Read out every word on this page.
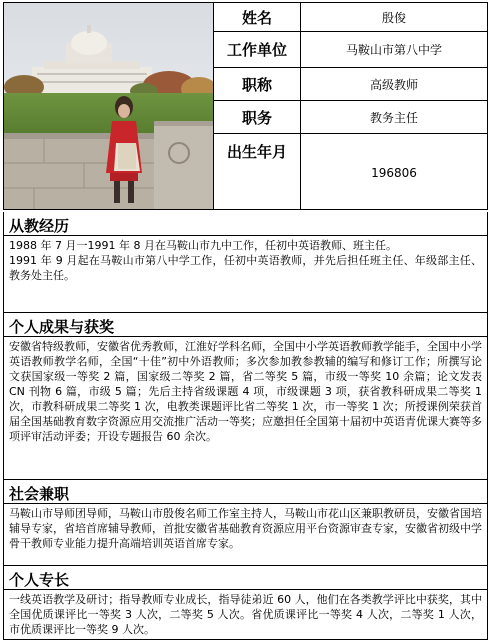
	姓名	殷俊
	工作单位	马鞍山市第八中学
	职称	高级教师
	职务	教务主任
	出生年月	196806
从教经历

1988 年 7 月一1991 年 8 月在马鞍山市九中工作，任初中英语教师、班主任。

1991 年 9 月起在马鞍山市第八中学工作，任初中英语教师，并先后担任班主任、年级部主任、教务处主任。

个人成果与获奖
安徽省特级教师，安徽省优秀教师，江淮好学科名师，全国中小学英语教师教学能手，全国中小学英语教师教学名师，全国“十佳”初中外语教师；多次参加教参教辅的编写和修订工作；所撰写论文获国家级一等奖 2 篇，国家级二等奖 2 篇，省二等奖 5 篇，市级一等奖 10 余篇；论文发表 CN 刊物 6 篇，市级 5 篇；先后主持省级课题 4 项，市级课题 3 项，获省教科研成果二等奖 1 次，市教科研成果二等奖 1 次，电教类课题评比省二等奖 1 次，市一等奖 1 次；所授课例荣获首届全国基础教育数字资源应用交流推广活动一等奖；应邀担任全国第十届初中英语青优课大赛等多项评审活动评委；开设专题报告 60 余次。
社会兼职
马鞍山市导师团导师，马鞍山市殷俊名师工作室主持人，马鞍山市花山区兼职教研员，安徽省国培辅导专家，省培首席辅导教师，首批安徽省基础教育资源应用平台资源审查专家，安徽省初级中学骨干教师专业能力提升高端培训英语首席专家。
个人专长
一线英语教学及研讨；指导教师专业成长，指导徒弟近 60 人，他们在各类教学评比中获奖，其中全国优质课评比一等奖 3 人次，二等奖 5 人次。省优质课评比一等奖 4 人次，二等奖 1 人次，市优质课评比一等奖 9 人次。
